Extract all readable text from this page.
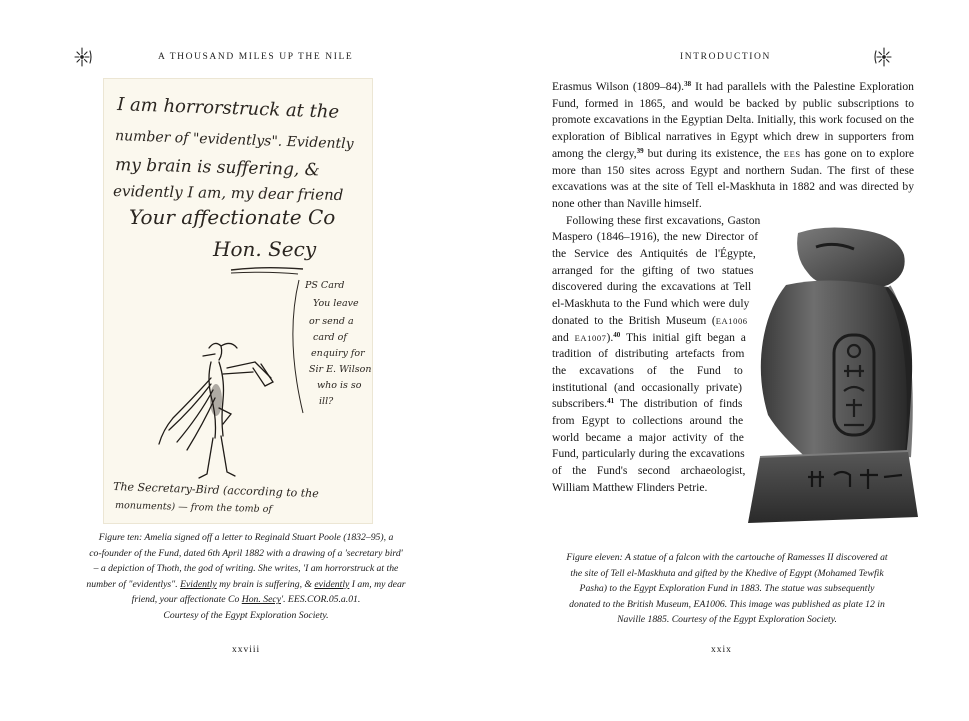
A THOUSAND MILES UP THE NILE
I am horrorstruck at the
number of "evidentlys". Evidently
my brain is suffering, &
evidently I am, my dear friend
Your affectionate Co
Hon. Secy
PS Card
You leave
or send a
card of
enquiry for
Sir E. Wilson
who is so
ill?
The Secretary-Bird (according to the
monuments) — from the tomb of
Figure ten: Amelia signed off a letter to Reginald Stuart Poole (1832–95), a
co-founder of the Fund, dated 6th April 1882 with a drawing of a 'secretary bird'
– a depiction of Thoth, the god of writing. She writes, 'I am horrorstruck at the
number of "evidentlys". Evidently my brain is suffering, & evidently I am, my dear
friend, your affectionate Co Hon. Secy'. EES.COR.05.a.01.
Courtesy of the Egypt Exploration Society.
xxviii
INTRODUCTION

Erasmus Wilson (1809–84).$^{38}$ It had parallels with the Palestine Exploration Fund, formed in 1865, and would be backed by public subscriptions to promote excavations in the Egyptian Delta. Initially, this work focused on the exploration of Biblical narratives in Egypt which drew in supporters from among the clergy,$^{39}$ but during its existence, the EES has gone on to explore more than 150 sites across Egypt and northern Sudan. The first of these excavations was at the site of Tell el-Maskhuta in 1882 and was directed by none other than Naville himself.

Following these first excavations, Gaston Maspero (1846–1916), the new Director of the Service des Antiquités de l'Égypte, arranged for the gifting of two statues discovered during the excavations at Tell el-Maskhuta to the Fund which were duly donated to the British Museum (EA1006 and EA1007).$^{40}$ This initial gift began a tradition of distributing artefacts from the excavations of the Fund to institutional (and occasionally private) subscribers.$^{41}$ The distribution of finds from Egypt to collections around the world became a major activity of the Fund, particularly during the excavations of the Fund's second archaeologist, William Matthew Flinders Petrie.

Figure eleven: A statue of a falcon with the cartouche of Ramesses II discovered at
the site of Tell el-Maskhuta and gifted by the Khedive of Egypt (Mohamed Tewfik
Pasha) to the Egypt Exploration Fund in 1883. The statue was subsequently
donated to the British Museum, EA1006. This image was published as plate 12 in
Naville 1885. Courtesy of the Egypt Exploration Society.
xxix
